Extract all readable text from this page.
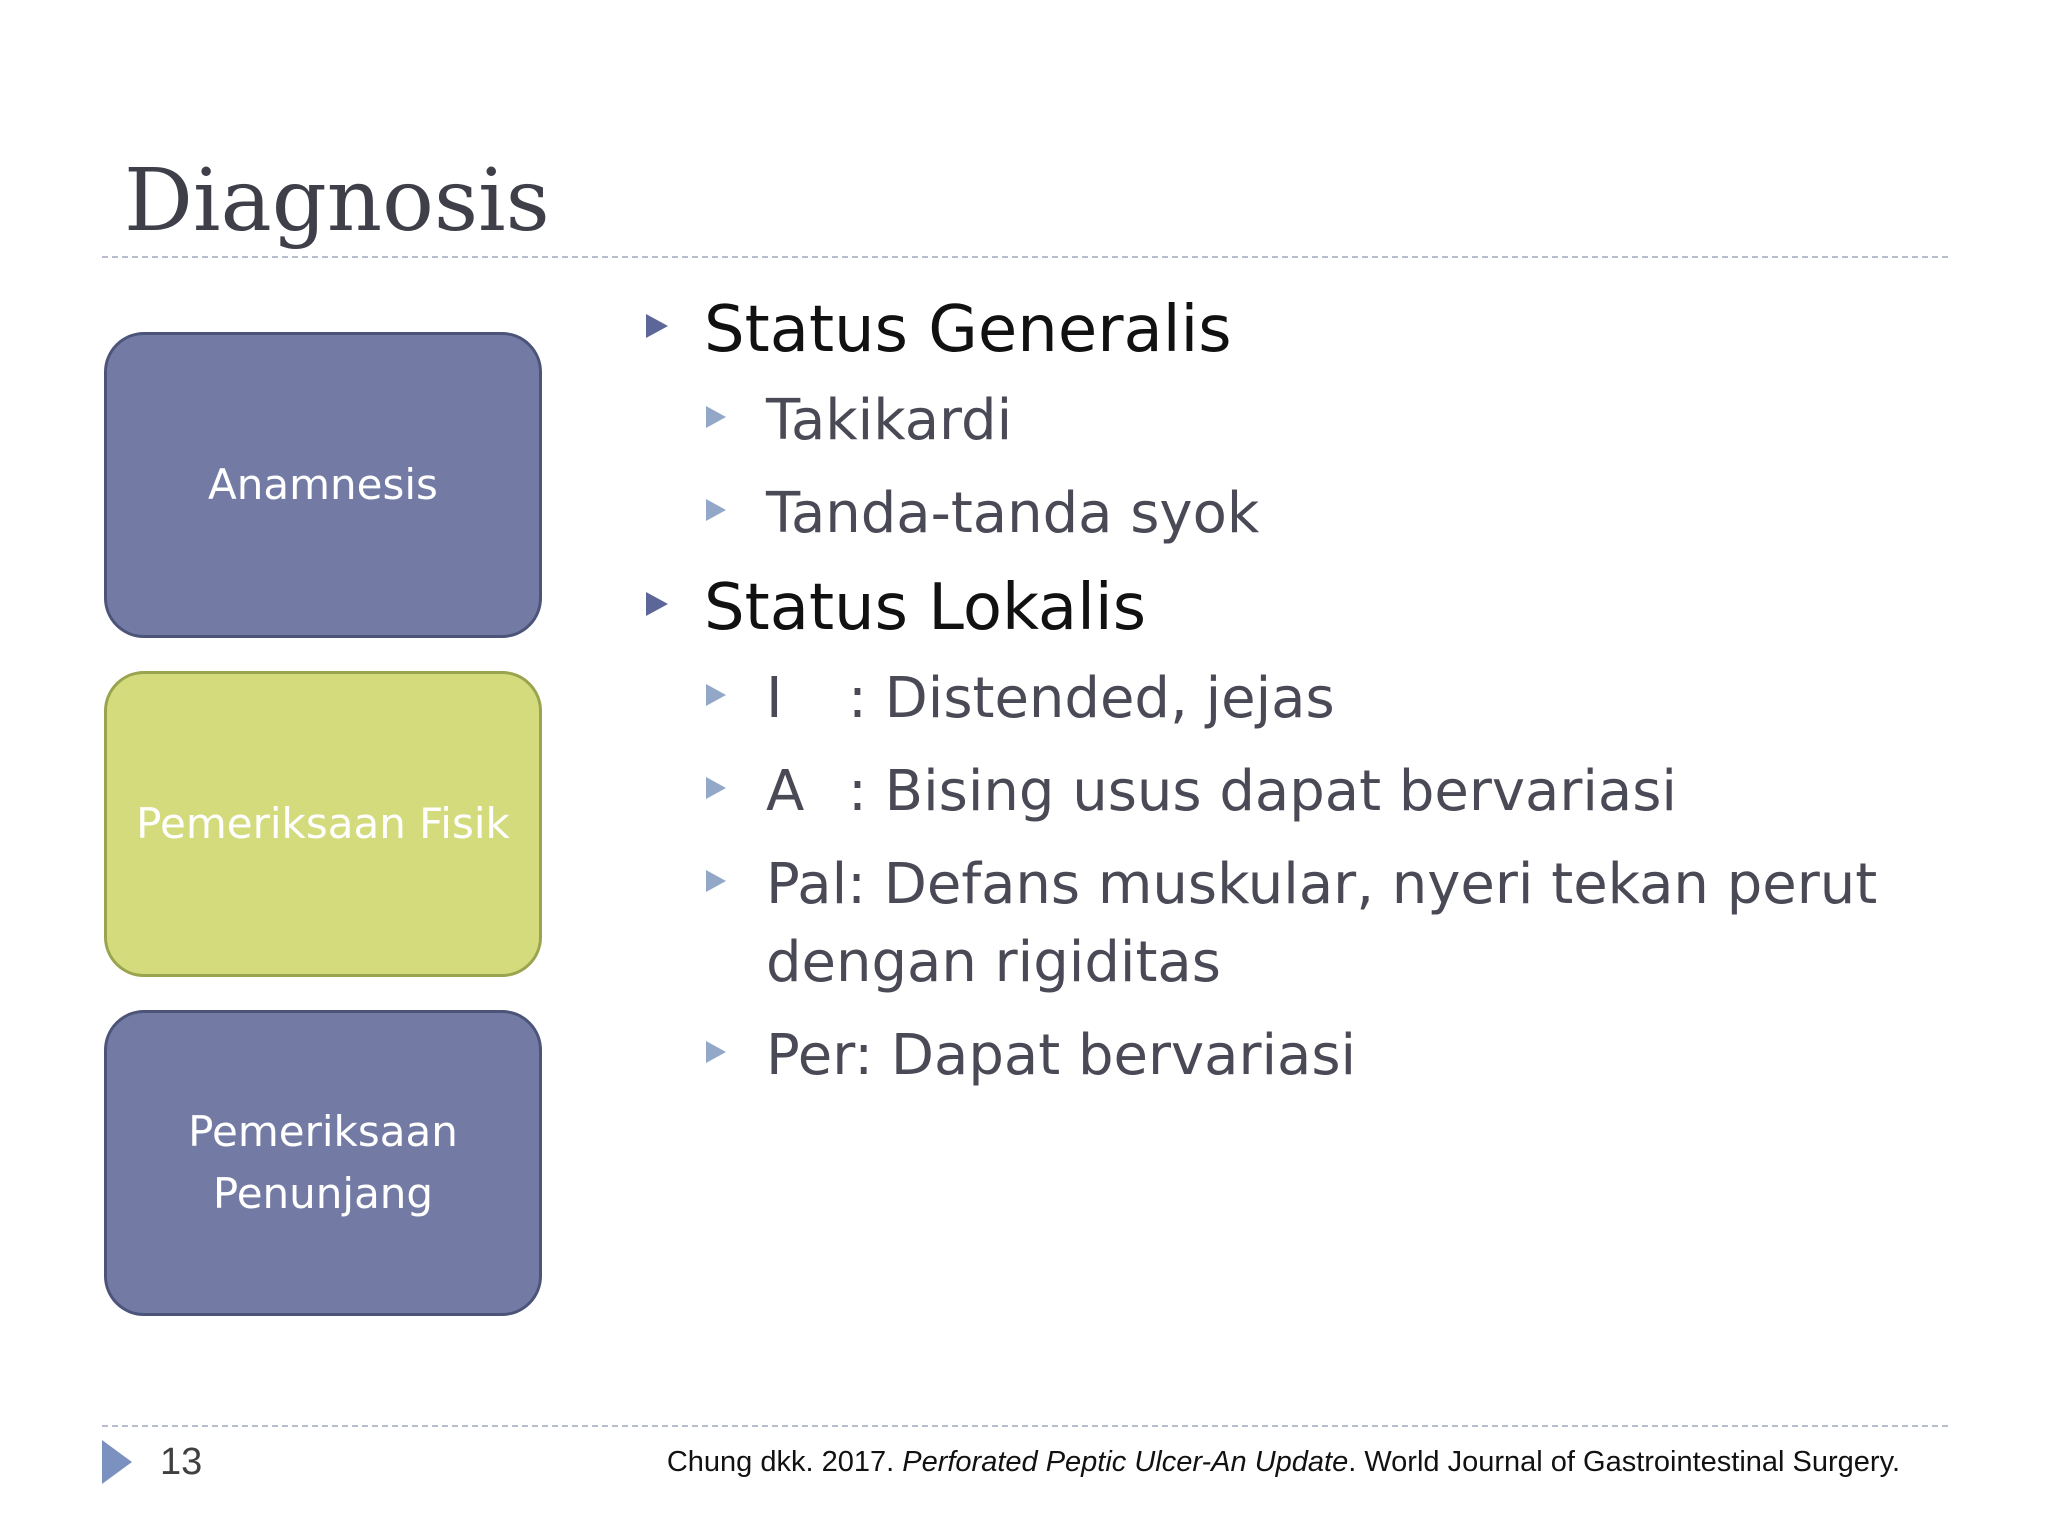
Diagnosis
Anamnesis
Pemeriksaan Fisik
Pemeriksaan
Penunjang
Status Generalis
Takikardi
Tanda-tanda syok
Status Lokalis
I : Distended, jejas
A : Bising usus dapat bervariasi
Pal: Defans muskular, nyeri tekan perut dengan rigiditas
Per: Dapat bervariasi
13	Chung dkk. 2017. Perforated Peptic Ulcer-An Update. World Journal of Gastrointestinal Surgery.
